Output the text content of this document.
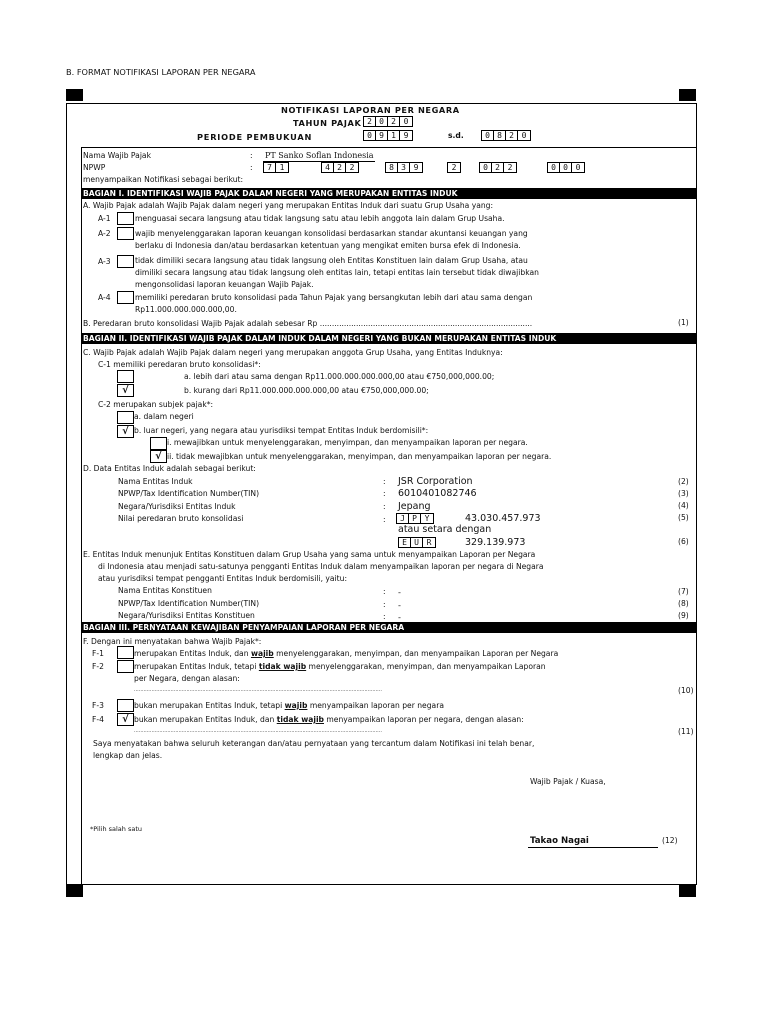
B. FORMAT NOTIFIKASI LAPORAN PER NEGARA
NOTIFIKASI LAPORAN PER NEGARA
TAHUN PAJAK 2 0 2 0
PERIODE PEMBUKUAN	0 9 1 9	s.d.	0 8 2 0
Nama Wajib Pajak	: PT Sanko Soflan Indonesia
NPWP	:	7 1	4 2 2	8 3 9	2	0 2 2	0 0 0
menyampaikan Notifikasi sebagai berikut:
BAGIAN I. IDENTIFIKASI WAJIB PAJAK DALAM NEGERI YANG MERUPAKAN ENTITAS INDUK
A. Wajib Pajak adalah Wajib Pajak dalam negeri yang merupakan Entitas Induk dari suatu Grup Usaha yang:
A-1	menguasai secara langsung atau tidak langsung satu atau lebih anggota lain dalam Grup Usaha.
A-2	wajib menyelenggarakan laporan keuangan konsolidasi berdasarkan standar akuntansi keuangan yang
berlaku di Indonesia dan/atau berdasarkan ketentuan yang mengikat emiten bursa efek di Indonesia.
A-3	tidak dimiliki secara langsung atau tidak langsung oleh Entitas Konstituen lain dalam Grup Usaha, atau
dimiliki secara langsung atau tidak langsung oleh entitas lain, tetapi entitas lain tersebut tidak diwajibkan
mengonsolidasi laporan keuangan Wajib Pajak.
A-4	memiliki peredaran bruto konsolidasi pada Tahun Pajak yang bersangkutan lebih dari atau sama dengan
Rp11.000.000.000.000,00.
B. Peredaran bruto konsolidasi Wajib Pajak adalah sebesar Rp ........................................................................................	(1)
BAGIAN II. IDENTIFIKASI WAJIB PAJAK DALAM INDUK DALAM NEGERI YANG BUKAN MERUPAKAN ENTITAS INDUK
C. Wajib Pajak adalah Wajib Pajak dalam negeri yang merupakan anggota Grup Usaha, yang Entitas Induknya:
C-1 memiliki peredaran bruto konsolidasi*:
a. lebih dari atau sama dengan Rp11.000.000.000.000,00 atau €750,000,000.00;
√	b. kurang dari Rp11.000.000.000.000,00 atau €750,000,000.00;
C-2 merupakan subjek pajak*:
a. dalam negeri
√ b. luar negeri, yang negara atau yurisdiksi tempat Entitas Induk berdomisili*:
i. mewajibkan untuk menyelenggarakan, menyimpan, dan menyampaikan laporan per negara.
√ ii. tidak mewajibkan untuk menyelenggarakan, menyimpan, dan menyampaikan laporan per negara.
D. Data Entitas Induk adalah sebagai berikut:
Nama Entitas Induk	: JSR Corporation	(2)
NPWP/Tax Identification Number(TIN)	: 6010401082746	(3)
Negara/Yurisdiksi Entitas Induk	: Jepang	(4)
Nilai peredaran bruto konsolidasi	:	J P Y	43.030.457.973	(5)
atau setara dengan
E U R	329.139.973	(6)
E. Entitas Induk menunjuk Entitas Konstituen dalam Grup Usaha yang sama untuk menyampaikan Laporan per Negara
di Indonesia atau menjadi satu-satunya pengganti Entitas Induk dalam menyampaikan laporan per negara di Negara
atau yurisdiksi tempat pengganti Entitas Induk berdomisili, yaitu:
Nama Entitas Konstituen	: -	(7)
NPWP/Tax Identification Number(TIN)	: -	(8)
Negara/Yurisdiksi Entitas Konstituen	: -	(9)
BAGIAN III. PERNYATAAN KEWAJIBAN PENYAMPAIAN LAPORAN PER NEGARA
F. Dengan ini menyatakan bahwa Wajib Pajak*:
F-1	merupakan Entitas Induk, dan wajib menyelenggarakan, menyimpan, dan menyampaikan Laporan per Negara
F-2	merupakan Entitas Induk, tetapi tidak wajib menyelenggarakan, menyimpan, dan menyampaikan Laporan
per Negara, dengan alasan:
............................................................................................................................................................	(10)
F-3	bukan merupakan Entitas Induk, tetapi wajib menyampaikan laporan per negara
F-4	√ bukan merupakan Entitas Induk, dan tidak wajib menyampaikan laporan per negara, dengan alasan:
............................................................................................................................................................	(11)
Saya menyatakan bahwa seluruh keterangan dan/atau pernyataan yang tercantum dalam Notifikasi ini telah benar,
lengkap dan jelas.
Wajib Pajak / Kuasa,
*Pilih salah satu
Takao Nagai	(12)
